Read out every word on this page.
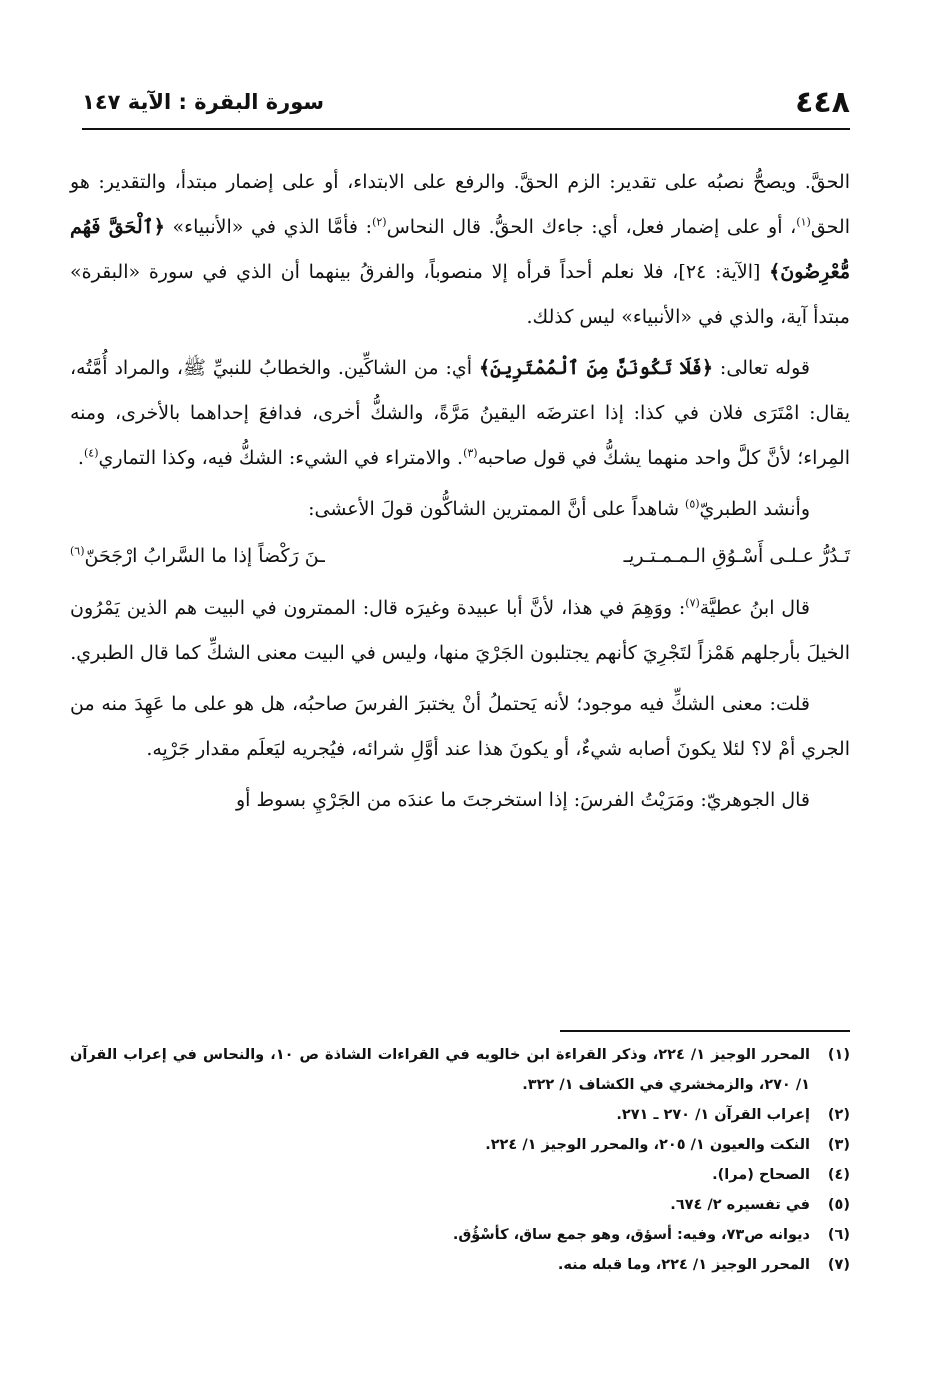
٤٤٨
سورة البقرة : الآية ١٤٧

الحقَّ. ويصحُّ نصبُه على تقدير: الزم الحقَّ. والرفع على الابتداء، أو على إضمار مبتدأ، والتقدير: هو الحق$^{(١)}$، أو على إضمار فعل، أي: جاءك الحقُّ. قال النحاس$^{(٢)}$: فأمَّا الذي في «الأنبياء» ﴿ٱلْحَقَّ فَهُم مُّعْرِضُونَ﴾ [الآية: ٢٤]، فلا نعلم أحداً قرأه إلا منصوباً، والفرقُ بينهما أن الذي في سورة «البقرة» مبتدأ آية، والذي في «الأنبياء» ليس كذلك.

قوله تعالى: ﴿فَلَا تَكُونَنَّ مِنَ ٱلْمُمْتَرِينَ﴾ أي: من الشاكِّين. والخطابُ للنبيِّ ﷺ، والمراد أُمَّتُه، يقال: امْتَرَى فلان في كذا: إذا اعترضَه اليقينُ مَرَّةً، والشكُّ أخرى، فدافعَ إحداهما بالأخرى، ومنه المِراء؛ لأنَّ كلَّ واحد منهما يشكُّ في قول صاحبه$^{(٣)}$. والامتراء في الشيء: الشكُّ فيه، وكذا التماري$^{(٤)}$.

وأنشد الطبريّ$^{(٥)}$ شاهداً على أنَّ الممترين الشاكُّون قولَ الأعشى:

تَـدُرُّ عـلـى أَسْـوُقِ الـمـمـتـريـ
ـنَ رَكْضاً إذا ما السَّرابُ ارْجَحَنّ$^{(٦)}$

قال ابنُ عطيَّة$^{(٧)}$: ووَهِمَ في هذا، لأنَّ أبا عبيدة وغيرَه قال: الممترون في البيت هم الذين يَمْرُون الخيلَ بأرجلهم هَمْزاً لتَجْرِيَ كأنهم يجتلبون الجَرْيَ منها، وليس في البيت معنى الشكِّ كما قال الطبري.

قلت: معنى الشكِّ فيه موجود؛ لأنه يَحتملُ أنْ يختبرَ الفرسَ صاحبُه، هل هو على ما عَهِدَ منه من الجري أمْ لا؟ لئلا يكونَ أصابه شيءٌ، أو يكونَ هذا عند أوَّلِ شرائه، فيُجريه ليَعلَم مقدار جَرْيِه.

قال الجوهريّ: ومَرَيْتُ الفرسَ: إذا استخرجتَ ما عندَه من الجَرْيِ بسوط أو

(١)
المحرر الوجيز ١/ ٢٢٤، وذكر القراءة ابن خالويه في القراءات الشاذة ص ١٠، والنحاس في إعراب القرآن ١/ ٢٧٠، والزمخشري في الكشاف ١/ ٣٢٢.
(٢)
إعراب القرآن ١/ ٢٧٠ ـ ٢٧١.
(٣)
النكت والعيون ١/ ٢٠٥، والمحرر الوجيز ١/ ٢٢٤.
(٤)
الصحاح (مرا).
(٥)
في تفسيره ٢/ ٦٧٤.
(٦)
ديوانه ص٧٣، وفيه: أسؤق، وهو جمع ساق، كأسْؤُق.
(٧)
المحرر الوجيز ١/ ٢٢٤، وما قبله منه.
